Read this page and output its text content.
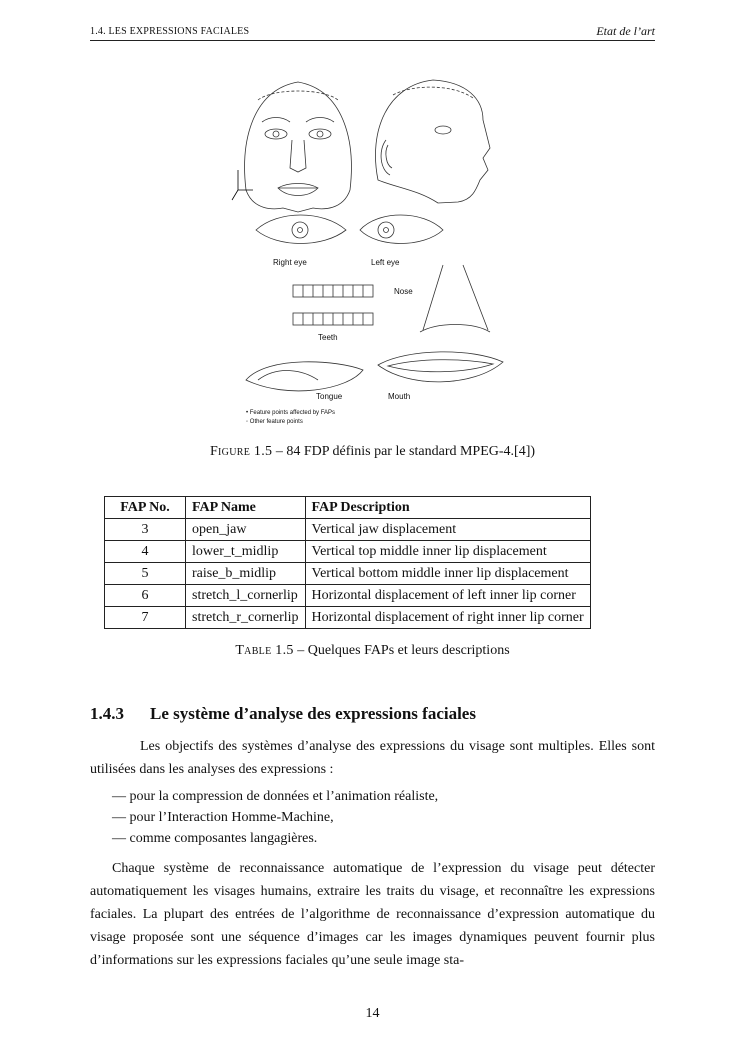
1.4. LES EXPRESSIONS FACIALES	Etat de l’art
Right eye	Left eye
Teeth
Nose
Tongue	Mouth
• Feature points affected by FAPs
◦ Other feature points
Figure 1.5 – 84 FDP définis par le standard MPEG-4.[4])
FAP No.	FAP Name	FAP Description
3	open_jaw	Vertical jaw displacement
4	lower_t_midlip	Vertical top middle inner lip displacement
5	raise_b_midlip	Vertical bottom middle inner lip displacement
6	stretch_l_cornerlip	Horizontal displacement of left inner lip corner
7	stretch_r_cornerlip	Horizontal displacement of right inner lip corner
Table 1.5 – Quelques FAPs et leurs descriptions
1.4.3 Le système d’analyse des expressions faciales
Les objectifs des systèmes d’analyse des expressions du visage sont multiples. Elles sont utilisées dans les analyses des expressions :
— pour la compression de données et l’animation réaliste,
— pour l’Interaction Homme-Machine,
— comme composantes langagières.
Chaque système de reconnaissance automatique de l’expression du visage peut détecter automatiquement les visages humains, extraire les traits du visage, et reconnaître les expressions faciales. La plupart des entrées de l’algorithme de reconnaissance d’expression automatique du visage proposée sont une séquence d’images car les images dynamiques peuvent fournir plus d’informations sur les expressions faciales qu’une seule image sta-
14
